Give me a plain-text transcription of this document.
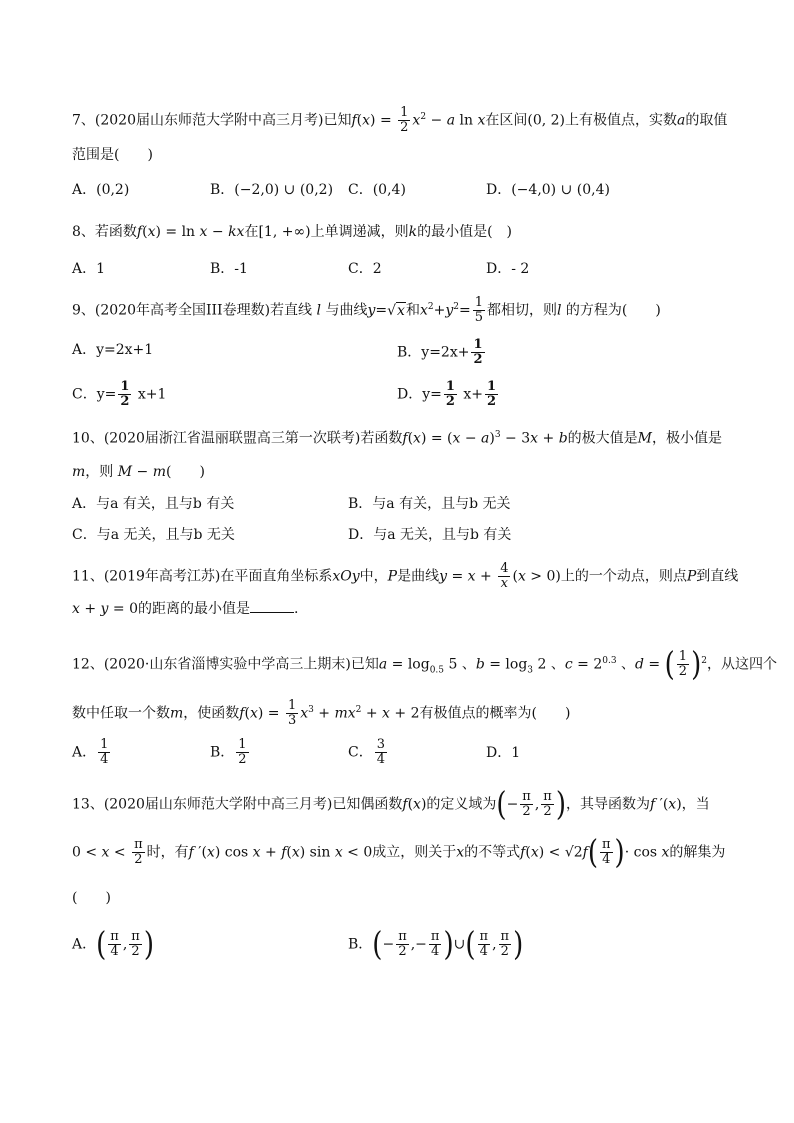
7、(2020届山东师范大学附中高三月考)已知$f(x) = \frac{1}{2} x^2 - a$ ln x在区间(0, 2)上有极值点，实数a的取值
范围是(　　)
A．(0,2)	B．(−2,0) ∪ (0,2) C．(0,4)	D．(−4,0) ∪ (0,4)
8、若函数f(x) = ln x − kx在[1, +∞)上单调递减，则k的最小值是(　)
A．1	B．-1	C．2	D．- 2
9、(2020年高考全国III卷理数)若直线 l 与曲线y=√x和$x^2+y^2= \frac{1}{5}$ 都相切，则l 的方程为(　　)
A．y=2x+1	B．$y=2x+ \frac{1}{2}$
C．$y= \frac{1}{2} x+1$	D．$y= \frac{1}{2} x+ \frac{1}{2}$
10、(2020届浙江省温丽联盟高三第一次联考)若函数$f(x) = (x - a)^3 - 3x + b$的极大值是M，极小值是
m，则 M − m(　　)
A．与a 有关，且与b 有关	B．与a 有关，且与b 无关
C．与a 无关，且与b 无关	D．与a 无关，且与b 有关
11、(2019年高考江苏)在平面直角坐标系xOy中，P是曲线$y = x + \frac{4}{x} (x > 0)$上的一个动点，则点P到直线
x + y = 0的距离的最小值是	.
12、(2020·山东省淄博实验中学高三上期末)已知$a = \log_{0.5} 5$ 、$b = \log_3 2$ 、$c = 2^{0.3}$ 、d = ( $\frac{1}{2} )^2$，从这四个
数中任取一个数m，使函数$f(x) = \frac{1}{3} x^3 + mx^2 + x + 2$有极值点的概率为(　　)
A． $\frac{1}{4}$	B． $\frac{1}{2}$	C． $\frac{3}{4}$	D．1
13、(2020届山东师范大学附中高三月考)已知偶函数f(x)的定义域为(− $\frac{\pi}{2}$ , $\frac{\pi}{2}$ )，其导函数为f ′(x)，当
$0 < x < \frac{\pi}{2}$ 时，有f ′(x) cos x + f(x) sin x < 0成立，则关于x的不等式$f(x) < √2f( \frac{\pi}{4}$ )· cos x的解集为
(　　)
A．( $\frac{\pi}{4}$ , $\frac{\pi}{2}$ )	B．(− $\frac{\pi}{2}$ ,− $\frac{\pi}{4}$ )∪( $\frac{\pi}{4}$ , $\frac{\pi}{2}$ )
